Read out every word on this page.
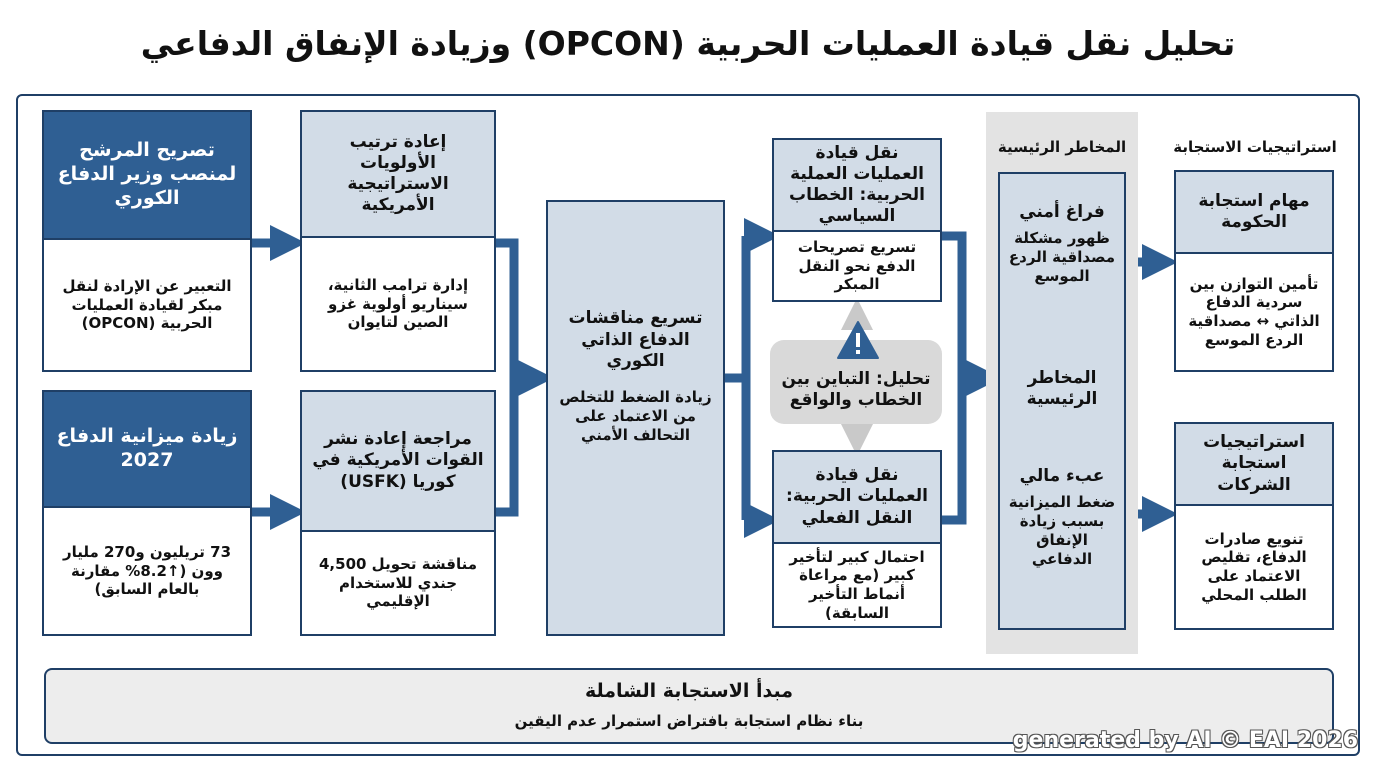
تحليل نقل قيادة العمليات الحربية (OPCON) وزيادة الإنفاق الدفاعي
تصريح المرشح لمنصب وزير الدفاع الكوري
التعبير عن الإرادة لنقل مبكر لقيادة العمليات الحربية (OPCON)
زيادة ميزانية الدفاع 2027
73 تريليون و270 مليار وون (↑8.2% مقارنة بالعام السابق)
إعادة ترتيب الأولويات الاستراتيجية الأمريكية
إدارة ترامب الثانية، سيناريو أولوية غزو الصين لتايوان
مراجعة إعادة نشر القوات الأمريكية في كوريا (USFK)
مناقشة تحويل 4,500 جندي للاستخدام الإقليمي
تسريع مناقشات الدفاع الذاتي الكوري
زيادة الضغط للتخلص من الاعتماد على التحالف الأمني
نقل قيادة العمليات العملية الحربية: الخطاب السياسي
تسريع تصريحات الدفع نحو النقل المبكر
تحليل: التباين بين الخطاب والواقع
نقل قيادة العمليات الحربية: النقل الفعلي
احتمال كبير لتأخير كبير (مع مراعاة أنماط التأخير السابقة)
المخاطر الرئيسية
فراغ أمني
ظهور مشكلة مصداقية الردع الموسع
المخاطر الرئيسية
عبء مالي
ضغط الميزانية بسبب زيادة الإنفاق الدفاعي
استراتيجيات الاستجابة
مهام استجابة الحكومة
تأمين التوازن بين سردية الدفاع الذاتي ↔ مصداقية الردع الموسع
استراتيجيات استجابة الشركات
تنويع صادرات الدفاع، تقليص الاعتماد على الطلب المحلي
مبدأ الاستجابة الشاملة
بناء نظام استجابة بافتراض استمرار عدم اليقين
generated by AI © EAI 2026
